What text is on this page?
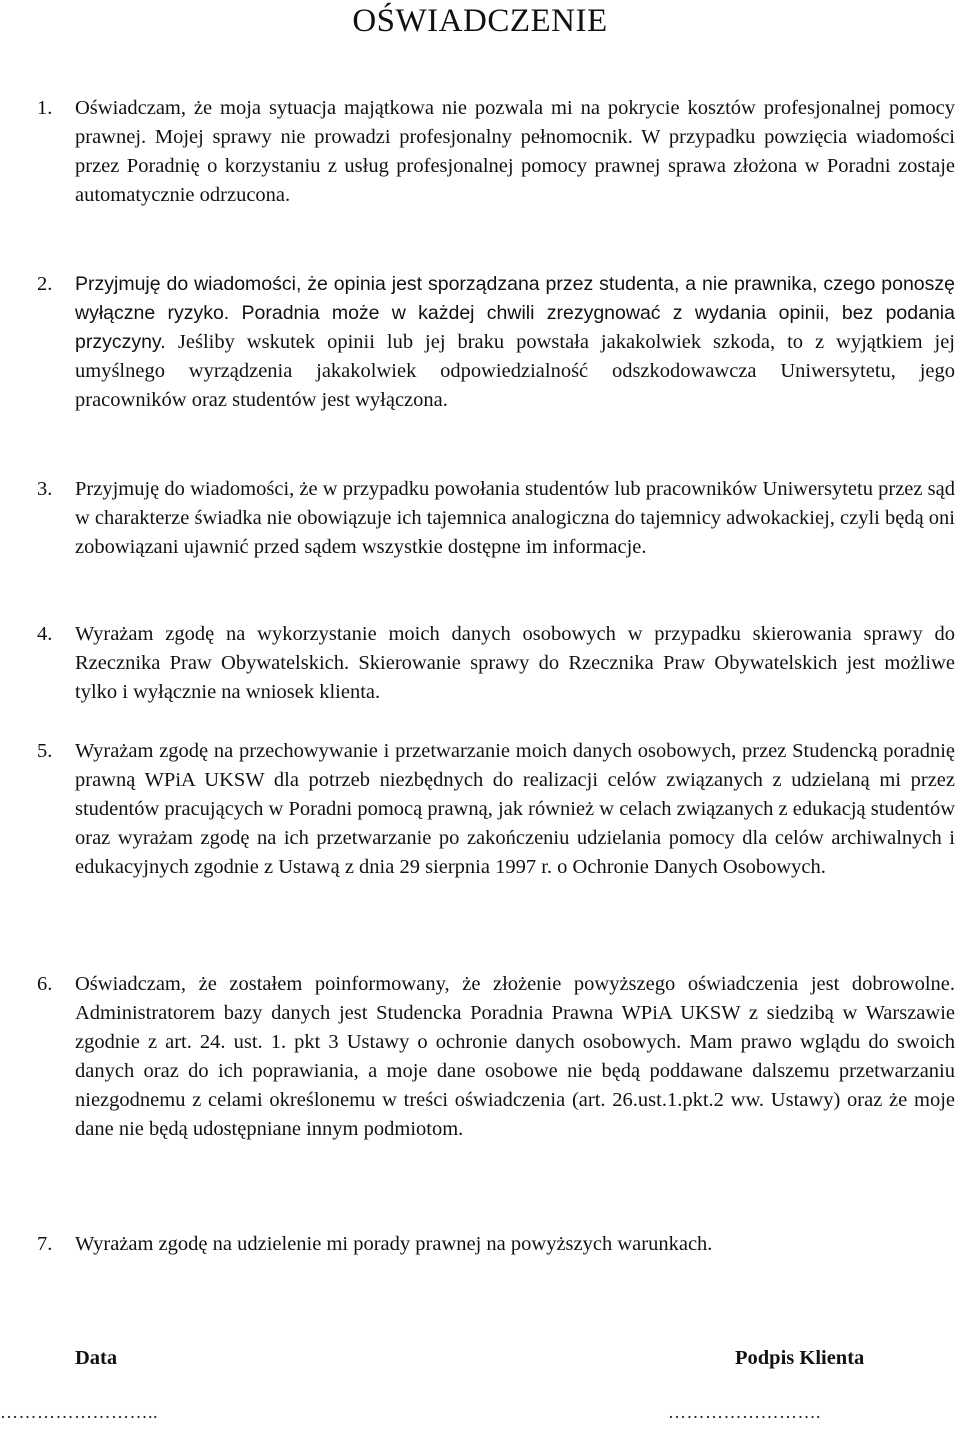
OŚWIADCZENIE
1.	Oświadczam, że moja sytuacja majątkowa nie pozwala mi na pokrycie kosztów profesjonalnej pomocy prawnej. Mojej sprawy nie prowadzi profesjonalny pełnomocnik. W przypadku powzięcia wiadomości przez Poradnię o korzystaniu z usług profesjonalnej pomocy prawnej sprawa złożona w Poradni zostaje automatycznie odrzucona.
2.	Przyjmuję do wiadomości, że opinia jest sporządzana przez studenta, a nie prawnika, czego ponoszę wyłączne ryzyko. Poradnia może w każdej chwili zrezygnować z wydania opinii, bez podania przyczyny. Jeśliby wskutek opinii lub jej braku powstała jakakolwiek szkoda, to z wyjątkiem jej umyślnego wyrządzenia jakakolwiek odpowiedzialność odszkodowawcza Uniwersytetu, jego pracowników oraz studentów jest wyłączona.
3.	Przyjmuję do wiadomości, że w przypadku powołania studentów lub pracowników Uniwersytetu przez sąd w charakterze świadka nie obowiązuje ich tajemnica analogiczna do tajemnicy adwokackiej, czyli będą oni zobowiązani ujawnić przed sądem wszystkie dostępne im informacje.
4.	Wyrażam zgodę na wykorzystanie moich danych osobowych w przypadku skierowania sprawy do Rzecznika Praw Obywatelskich. Skierowanie sprawy do Rzecznika Praw Obywatelskich jest możliwe tylko i wyłącznie na wniosek klienta.
5.	Wyrażam zgodę na przechowywanie i przetwarzanie moich danych osobowych, przez Studencką poradnię prawną WPiA UKSW dla potrzeb niezbędnych do realizacji celów związanych z udzielaną mi przez studentów pracujących w Poradni pomocą prawną, jak również w celach związanych z edukacją studentów oraz wyrażam zgodę na ich przetwarzanie po zakończeniu udzielania pomocy dla celów archiwalnych i edukacyjnych zgodnie z Ustawą z dnia 29 sierpnia 1997 r. o Ochronie Danych Osobowych.
6.	Oświadczam, że zostałem poinformowany, że złożenie powyższego oświadczenia jest dobrowolne. Administratorem bazy danych jest Studencka Poradnia Prawna WPiA UKSW z siedzibą w Warszawie zgodnie z art. 24. ust. 1. pkt 3 Ustawy o ochronie danych osobowych. Mam prawo wglądu do swoich danych oraz do ich poprawiania, a moje dane osobowe nie będą poddawane dalszemu przetwarzaniu niezgodnemu z celami określonemu w treści oświadczenia (art. 26.ust.1.pkt.2 ww. Ustawy) oraz że moje dane nie będą udostępniane innym podmiotom.
7.	Wyrażam zgodę na udzielenie mi porady prawnej na powyższych warunkach.
Data	Podpis Klienta
……………………..	…………………….
